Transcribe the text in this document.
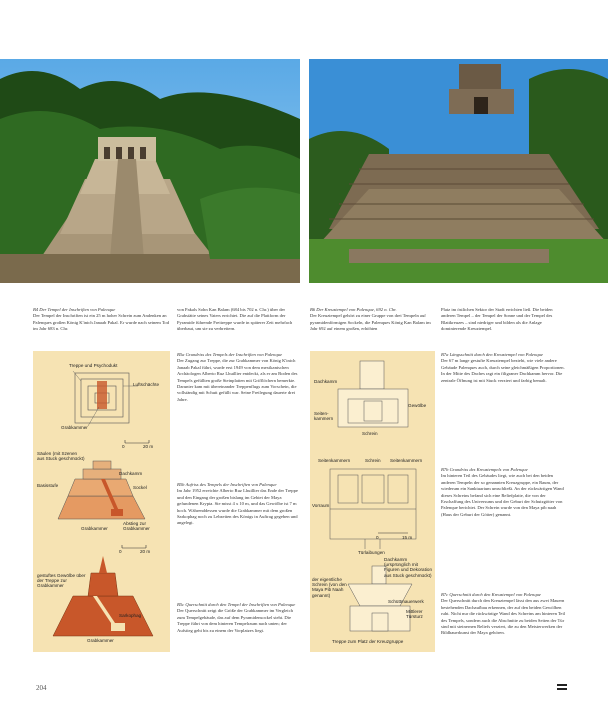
B4 Der Tempel der Inschriften von Palenque
Der Tempel der Inschriften ist ein 25 m hoher Schrein zum Andenken an Palenques großen König K'inich Janaab Pakal. Er wurde nach seinem Tod im Jahr 683 n. Chr.
von Pakals Sohn Kan Balam (684 bis 702 n. Chr.) über der Grabstätte seines Vaters errichtet. Die auf die Plattform der Pyramide führende Freitreppe wurde in späterer Zeit mehrfach überbaut, um sie zu verbreitern.
B6 Der Kreuztempel von Palenque, 692 n. Chr.
Der Kreuztempel gehört zu einer Gruppe von drei Tempeln auf pyramidenförmigen Sockeln, die Palenques König Kan Balam im Jahr 692 auf einem großen, erhöhten
Platz im östlichen Sektor der Stadt errichten ließ. Die beiden anderen Tempel – der Tempel der Sonne und der Tempel des Blattkreuzes – sind niedriger und bilden als die Anlage dominierende Kreuztempel.
Treppe und Psychodukt
Luftschächte
Grabkammer
0	20 m
Säulen (mit Szenen aus Stuck geschmückt)
Dachkamm
Basisstufe	Sockel
Grabkammer
Abstieg zur Grabkammer
0	20 m
gestuftes Gewölbe über der Treppe zur Grabkammer
Sarkophag
Grabkammer
B5a Grundriss des Tempels der Inschriften von Palenque
Der Zugang zur Treppe, die zur Grabkammer von König K'inich Janaab Pakal führt, wurde erst 1949 von dem mexikanischen Archäologen Alberto Ruz Lhuillier entdeckt, als er am Boden des Tempels gefüllten große Steinplatten mit Grifflöchern bemerkte. Darunter kam mit übereinander Treppenflugs zum Vorschein, die vollständig mit Schutt gefüllt war. Seine Freilegung dauerte drei Jahre.
B5b Aufriss des Tempels der Inschriften von Palenque
Im Jahr 1952 erreichte Alberto Ruz Lhuillier das Ende der Treppe und den Eingang der großen bislang im Gebiet der Maya gefundenen Krypta. Sie misst 4 x 10 m, und das Gewölbe ist 7 m hoch. Währenddessen wurde die Grabkammer mit dem großen Sarkophag noch zu Lebzeiten des Königs in Auftrag gegeben und angelegt.
B5c Querschnitt durch den Tempel der Inschriften von Palenque
Der Querschnitt zeigt die Größe der Grabkammer im Vergleich zum Tempelgebäude, das auf dem Pyramidensockel steht. Die Treppe führt von dem hinteren Tempelraum nach unten; der Aufstieg geht bis zu einem der Vorplatzes liegt.
Dachkamm
Gewölbe
Seiten-kammern
Schrein
Seitenkammern	Schrein Seitenkammern
Vorraum
0	15 m
Türlaibungen
Dachkamm (ursprünglich mit Figuren und Dekoration aus Stuck geschmückt)
der eigentliche Schrein (von den Maya Pib Naah genannt)
Schüttmauerwerk
Mittlerer Türsturz
Treppe zum Platz der Kreuzgruppe
B7a Längsschnitt durch den Kreuztempel von Palenque
Der 67 m lange gestufte Kreuztempel bezieht, wie viele andere Gebäude Palenques auch, durch seine gleichmäßigen Proportionen. In der Mitte des Daches ragt ein filigraner Dachkamm hervor. Die zentrale Öffnung ist mit Stuck verziert und farbig bemalt.
B7b Grundriss des Kreuztempels von Palenque
Im hinteren Teil des Gebäudes liegt, wie auch bei den beiden anderen Tempeln der so genannten Kreuzgruppe, ein Raum, der wiederum ein Sanktuarium umschließt. An der rückwärtigen Wand dieses Schreins befand sich eine Reliefplatte, die von der Erschaffung des Universums und der Geburt der Schutzgötter von Palenque berichtet. Der Schrein wurde von den Maya pib naah (Haus der Geburt der Götter) genannt.
B7c Querschnitt durch den Kreuztempel von Palenque
Der Querschnitt durch den Kreuztempel lässt den aus zwei Mauern bestehenden Dachaufbau erkennen, der auf den beiden Gewölben ruht. Nicht nur die rückwärtige Wand des Schreins am hinteren Teil des Tempels, sondern auch die Abschnitte zu beiden Seiten der Tür sind mit steinernen Reliefs verziert, die zu den Meisterwerken der Bildhauerkunst der Maya gehören.
204
